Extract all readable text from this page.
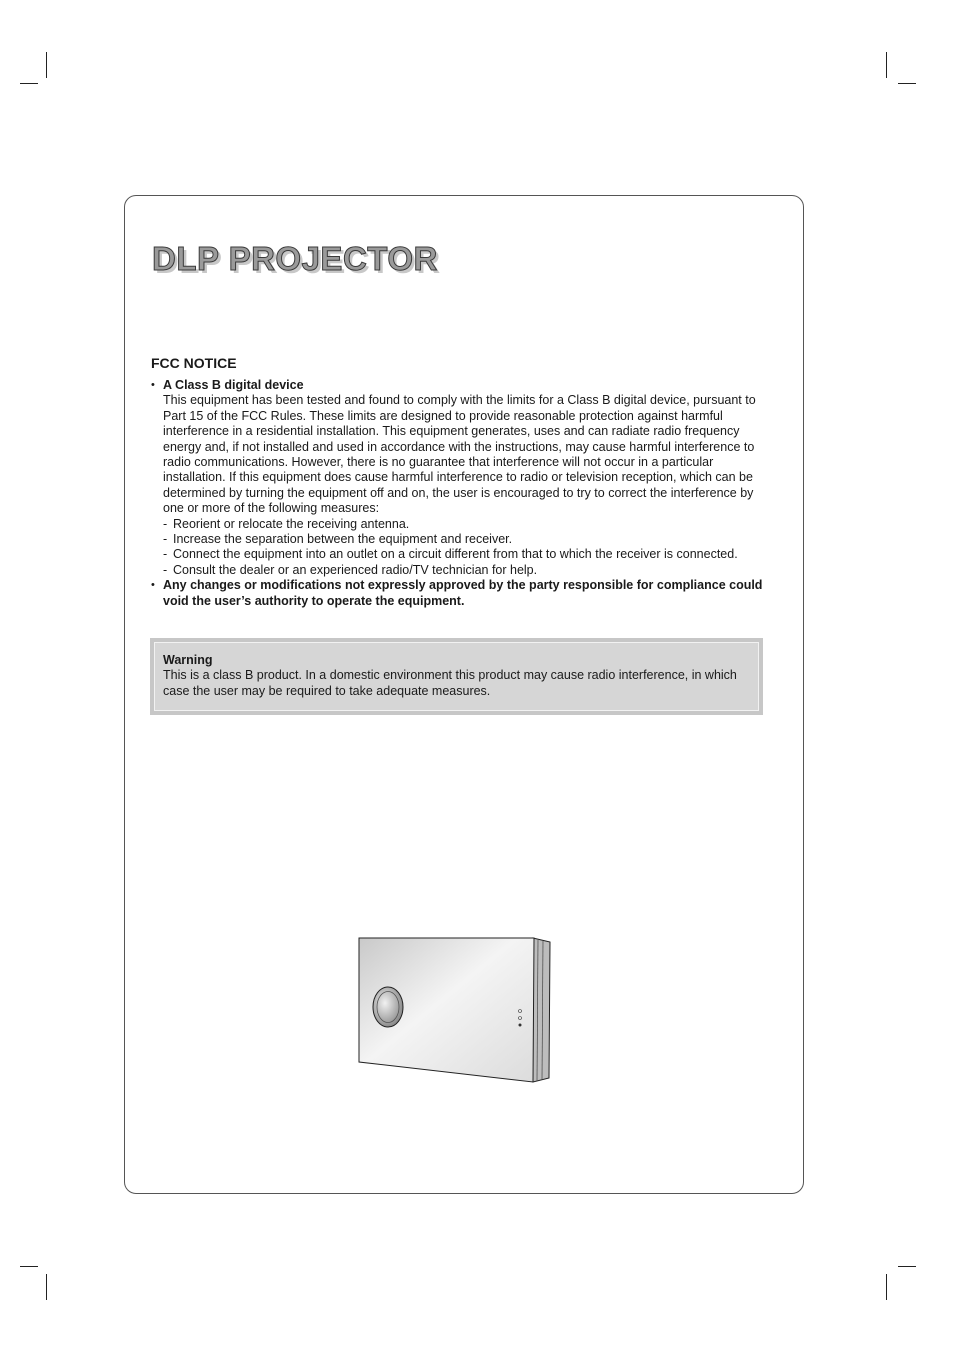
DLP PROJECTOR
FCC NOTICE
• A Class B digital device
This equipment has been tested and found to comply with the limits for a Class B digital device, pursuant to Part 15 of the FCC Rules. These limits are designed to provide reasonable protection against harmful interference in a residential installation. This equipment generates, uses and can radiate radio frequency energy and, if not installed and used in accordance with the instructions, may cause harmful interference to radio communications. However, there is no guarantee that interference will not occur in a particular installation. If this equipment does cause harmful interference to radio or television reception, which can be determined by turning the equipment off and on, the user is encouraged to try to correct the interference by one or more of the following measures:
- Reorient or relocate the receiving antenna.
- Increase the separation between the equipment and receiver.
- Connect the equipment into an outlet on a circuit different from that to which the receiver is connected.
- Consult the dealer or an experienced radio/TV technician for help.
• Any changes or modifications not expressly approved by the party responsible for compliance could void the user’s authority to operate the equipment.
Warning
This is a class B product. In a domestic environment this product may cause radio interference, in which case the user may be required to take adequate measures.
